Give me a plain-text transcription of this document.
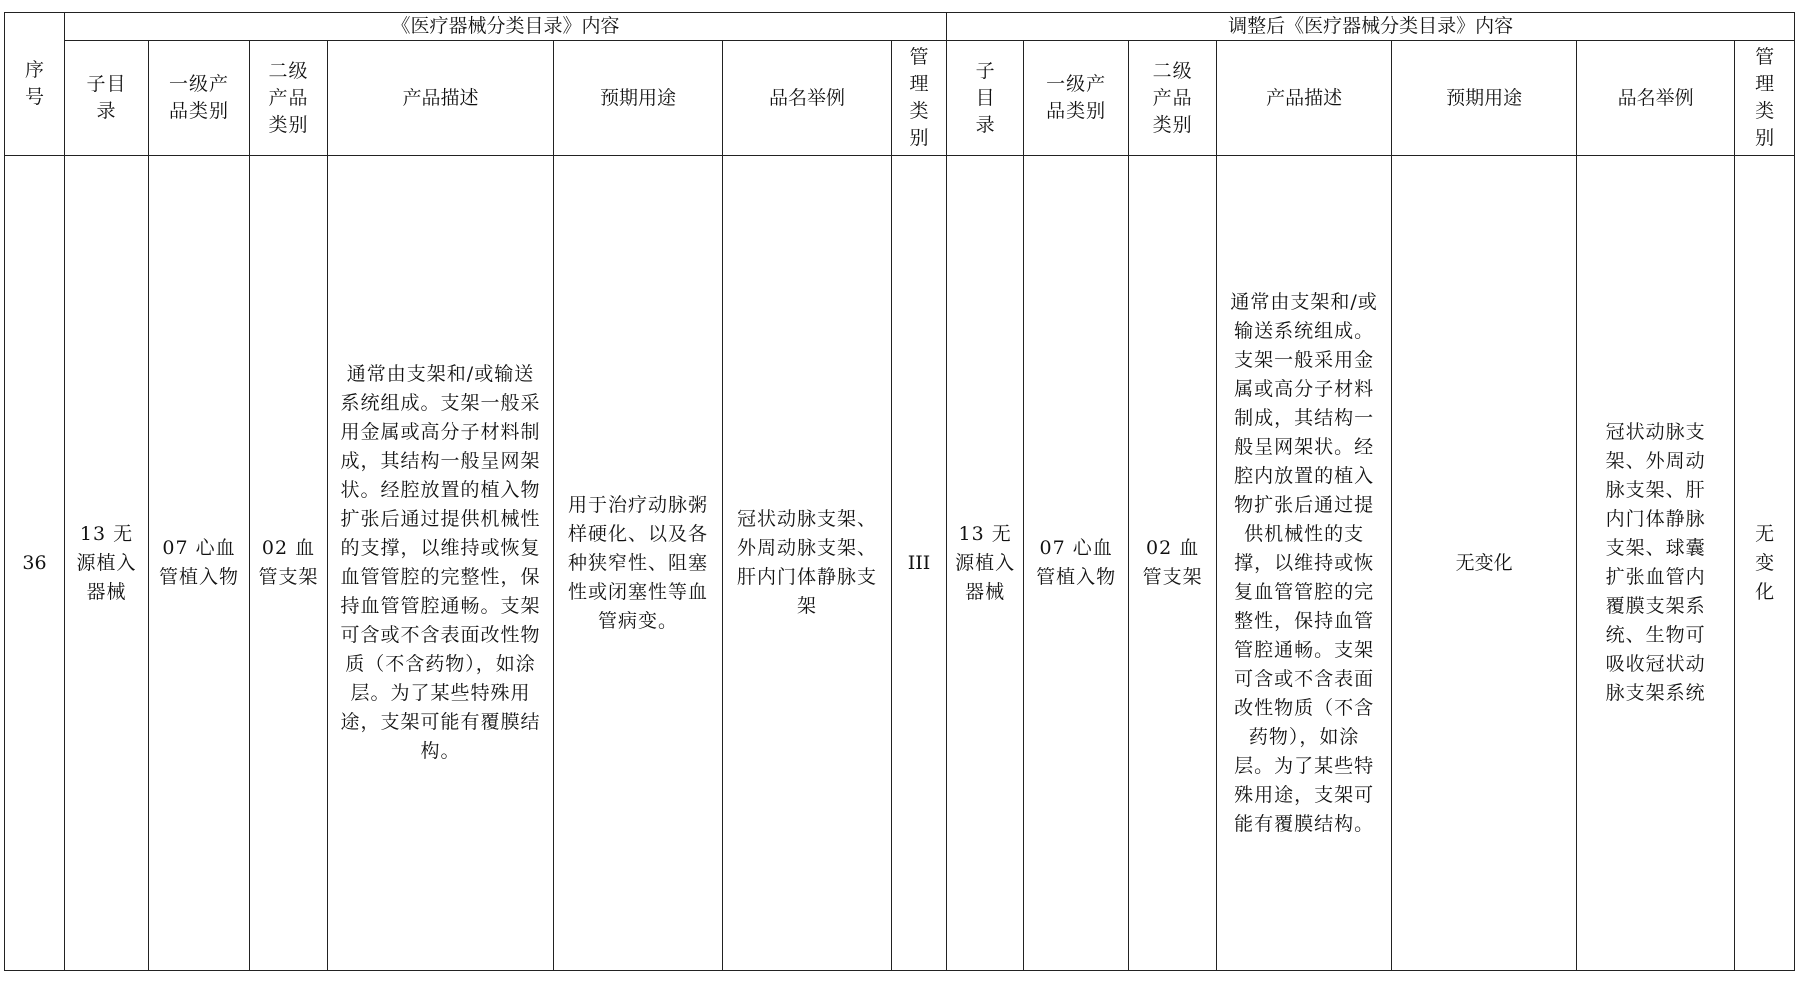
序号	《医疗器械分类目录》内容							调整后《医疗器械分类目录》内容						

	子目录	一级产品类别	二级产品类别	产品描述	预期用途	品名举例	管理类别	子目录	一级产品类别	二级产品类别	产品描述	预期用途	品名举例	管理类别

36	13 无源植入器械	07 心血管植入物	02 血管支架	通常由支架和/或输送系统组成。支架一般采用金属或高分子材料制成，其结构一般呈网架状。经腔放置的植入物扩张后通过提供机械性的支撑，以维持或恢复血管管腔的完整性，保持血管管腔通畅。支架可含或不含表面改性物质（不含药物），如涂层。为了某些特殊用途，支架可能有覆膜结构。	用于治疗动脉粥样硬化、以及各种狭窄性、阻塞性或闭塞性等血管病变。	冠状动脉支架、外周动脉支架、肝内门体静脉支架	III	13 无源植入器械	07 心血管植入物	02 血管支架	通常由支架和/或输送系统组成。支架一般采用金属或高分子材料制成，其结构一般呈网架状。经腔内放置的植入物扩张后通过提供机械性的支撑，以维持或恢复血管管腔的完整性，保持血管管腔通畅。支架可含或不含表面改性物质（不含药物），如涂层。为了某些特殊用途，支架可能有覆膜结构。	无变化	冠状动脉支架、外周动脉支架、肝内门体静脉支架、球囊扩张血管内覆膜支架系统、生物可吸收冠状动脉支架系统	无变化
